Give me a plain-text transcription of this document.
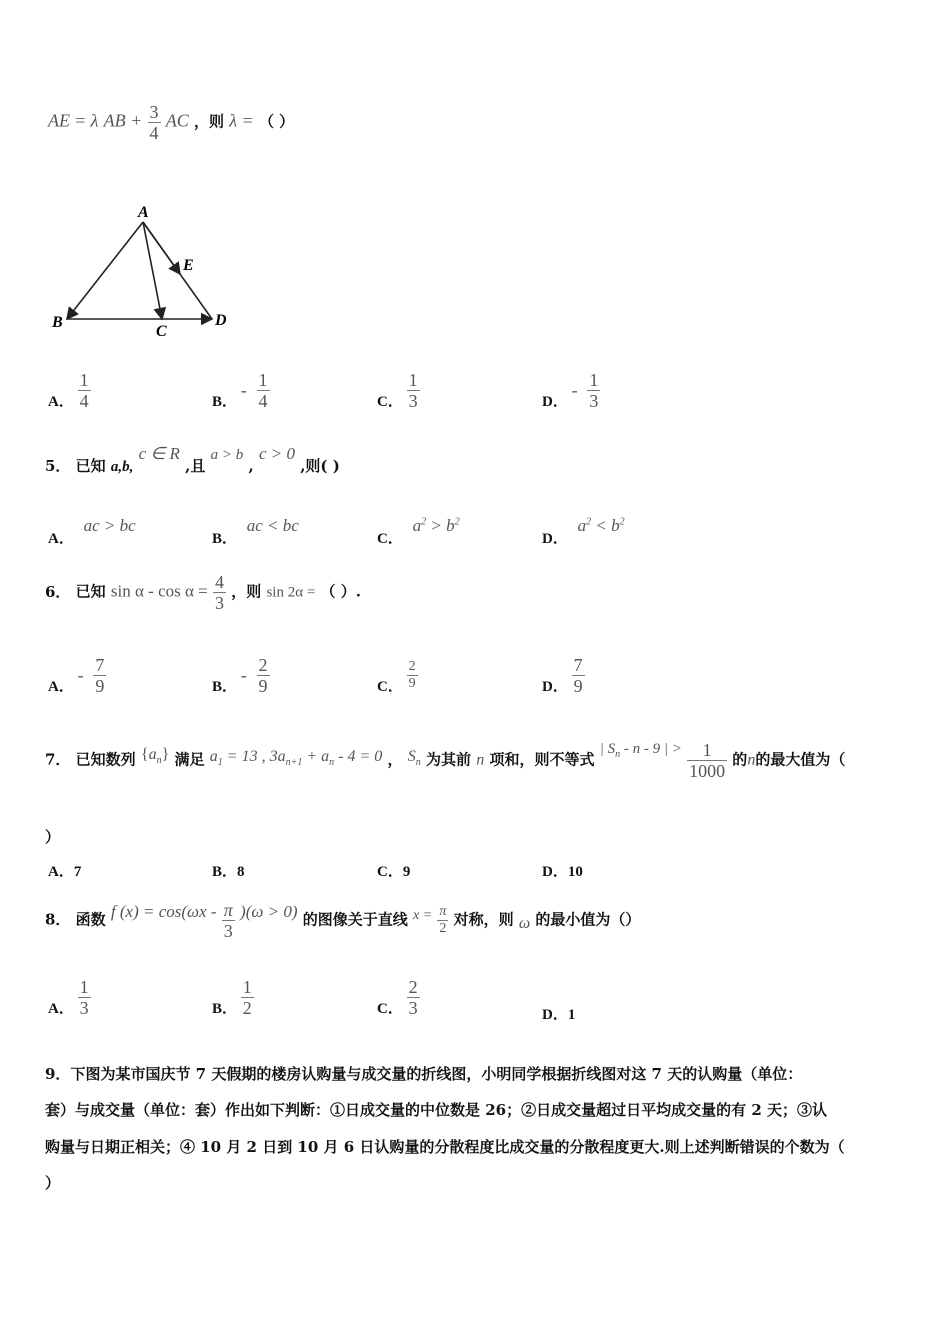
AE = λ AB + $\frac{3}{4}$ AC ，则 λ = （ ）
A
B
C
D
E
A． $\frac{1}{4}$	B． - $\frac{1}{4}$	C． $\frac{1}{3}$	D． - $\frac{1}{3}$
5． 已知 a,b, c ∈ R ,且 a > b , c > 0 ,则( )
A． ac > bc
B． ac < bc
C． $a^2 > b^2$
D． $a^2 < b^2$
6． 已知 $\sin \alpha - \cos \alpha = \frac{4}{3}$ ，则 sin 2α = （ ）.
A． - $\frac{7}{9}$	B． - $\frac{2}{9}$	C． $\frac{2}{9}$	D． $\frac{7}{9}$
7． 已知数列 $\{a_n\}$ 满足 $a_1 = 13$ , $3a_{n+1} + a_n - 4 = 0$ ， $S_n$ 为其前 n 项和，则不等式 | $S_n$ - n - 9 | > $\frac{1}{1000}$ 的n的最大值为（
）
A．7	B．8	C．9	D．10
8． 函数 f $(x) = \cos(\omega x - \frac{\pi}{3} )(\omega > 0)$ 的图像关于直线 $x = \frac{\pi}{2}$ 对称，则 ω 的最小值为（）
A． $\frac{1}{3}$	B． $\frac{1}{2}$	C． $\frac{2}{3}$	D．1
9．下图为某市国庆节 7 天假期的楼房认购量与成交量的折线图，小明同学根据折线图对这 7 天的认购量（单位：
套）与成交量（单位：套）作出如下判断：①日成交量的中位数是 26；②日成交量超过日平均成交量的有 2 天；③认
购量与日期正相关；④ 10 月 2 日到 10 月 6 日认购量的分散程度比成交量的分散程度更大.则上述判断错误的个数为（
）
